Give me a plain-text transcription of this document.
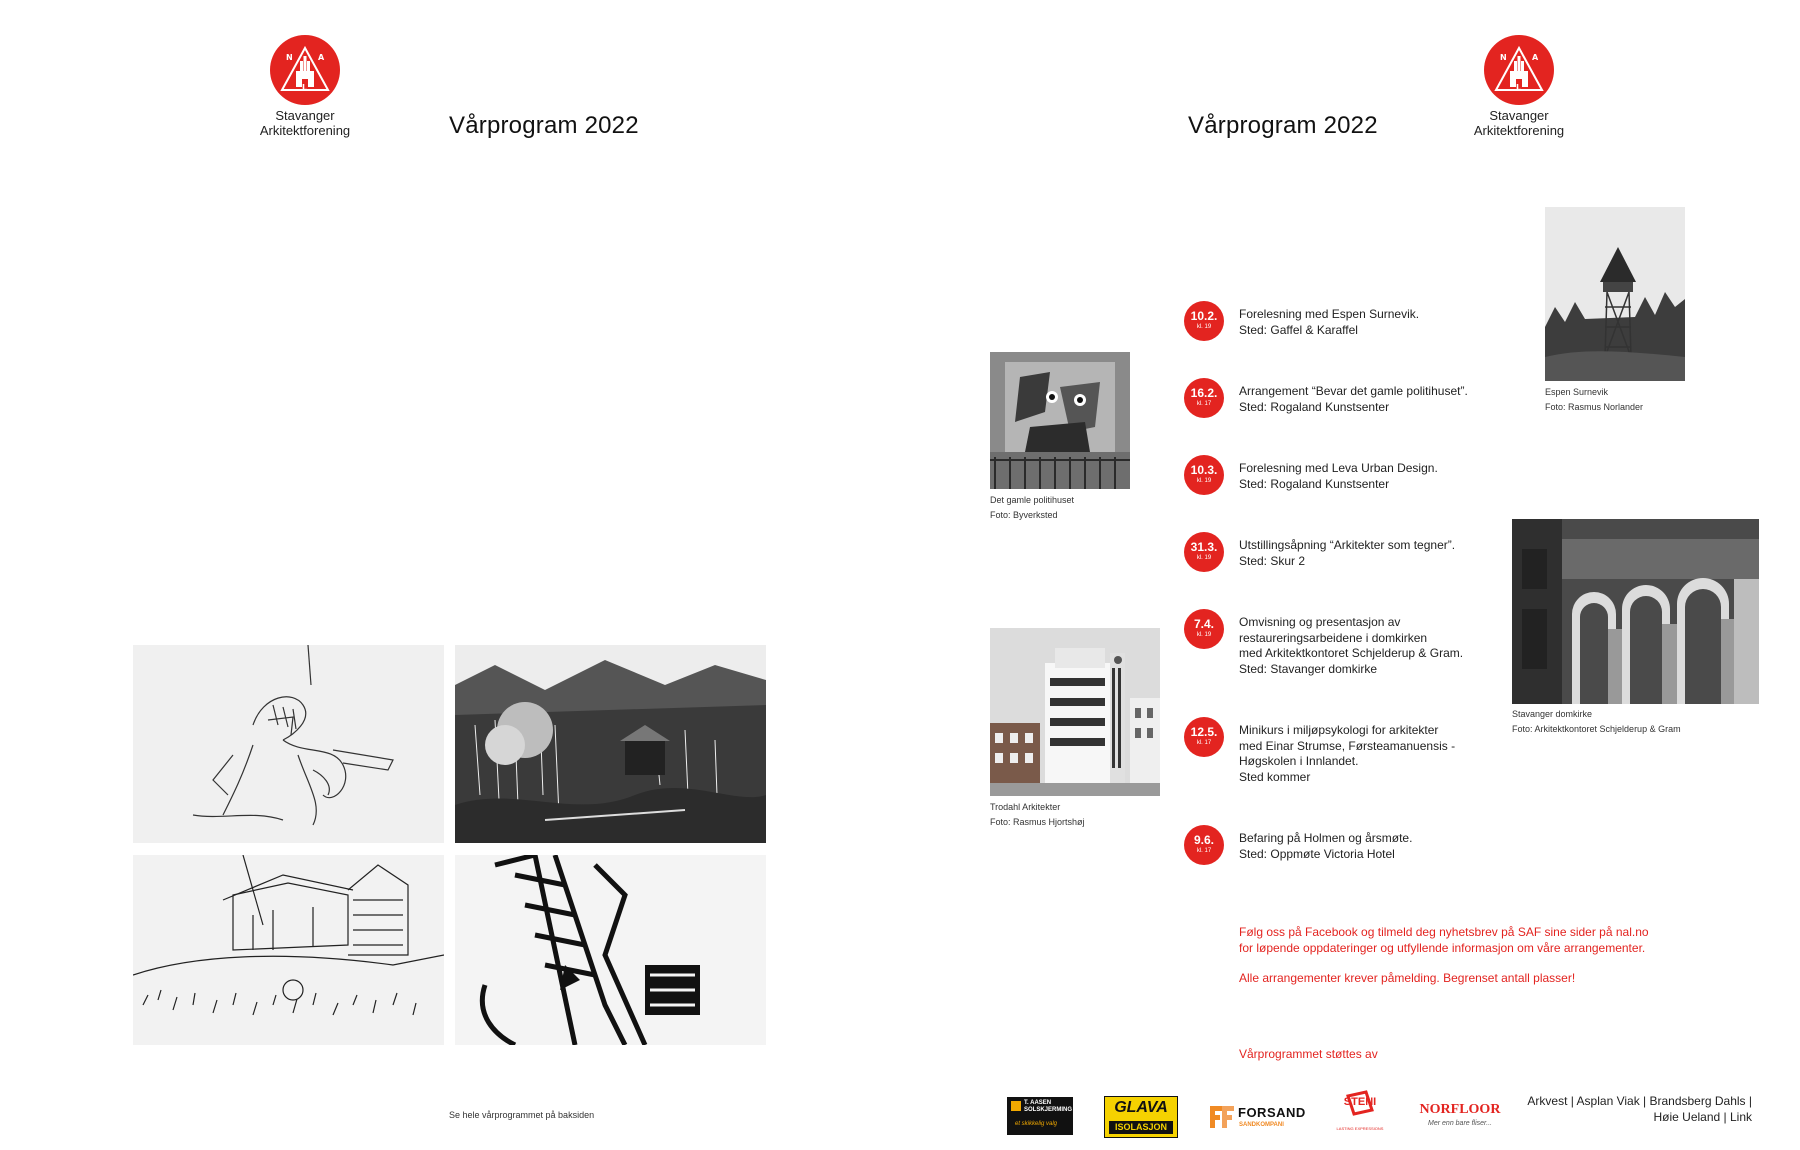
N	A
L
Stavanger
Arkitektforening	Vårprogram 2022
Se hele vårprogrammet på baksiden
Vårprogram 2022
N	A
L
Stavanger
Arkitektforening
Det gamle politihuset
Foto: Byverksted
Trodahl Arkitekter
Foto: Rasmus Hjortshøj
Espen Surnevik
Foto: Rasmus Norlander
Stavanger domkirke
Foto: Arkitektkontoret Schjelderup & Gram
10.2.
kl. 19
Forelesning med Espen Surnevik.
Sted: Gaffel & Karaffel
16.2.
kl. 17
Arrangement “Bevar det gamle politihuset”.
Sted: Rogaland Kunstsenter
10.3.
kl. 19
Forelesning med Leva Urban Design.
Sted: Rogaland Kunstsenter
31.3.
kl. 19
Utstillingsåpning “Arkitekter som tegner”.
Sted: Skur 2
7.4.
kl. 19
Omvisning og presentasjon av
restaureringsarbeidene i domkirken
med Arkitektkontoret Schjelderup & Gram.
Sted: Stavanger domkirke
12.5.
kl. 17
Minikurs i miljøpsykologi for arkitekter
med Einar Strumse, Førsteamanuensis -
Høgskolen i Innlandet.
Sted kommer
9.6.
kl. 17
Befaring på Holmen og årsmøte.
Sted: Oppmøte Victoria Hotel
Følg oss på Facebook og tilmeld deg nyhetsbrev på SAF sine sider på nal.no
for løpende oppdateringer og utfyllende informasjon om våre arrangementer.
Alle arrangementer krever påmelding. Begrenset antall plasser!
Vårprogrammet støttes av
T. AASEN
SOLSKJERMING
et skikkelig valg
GLAVA
ISOLASJON
FORSAND
SANDKOMPANI
STENI
LASTING EXPRESSIONS
NORFLOOR
Mer enn bare fliser...
Arkvest | Asplan Viak | Brandsberg Dahls |
Høie Ueland | Link
